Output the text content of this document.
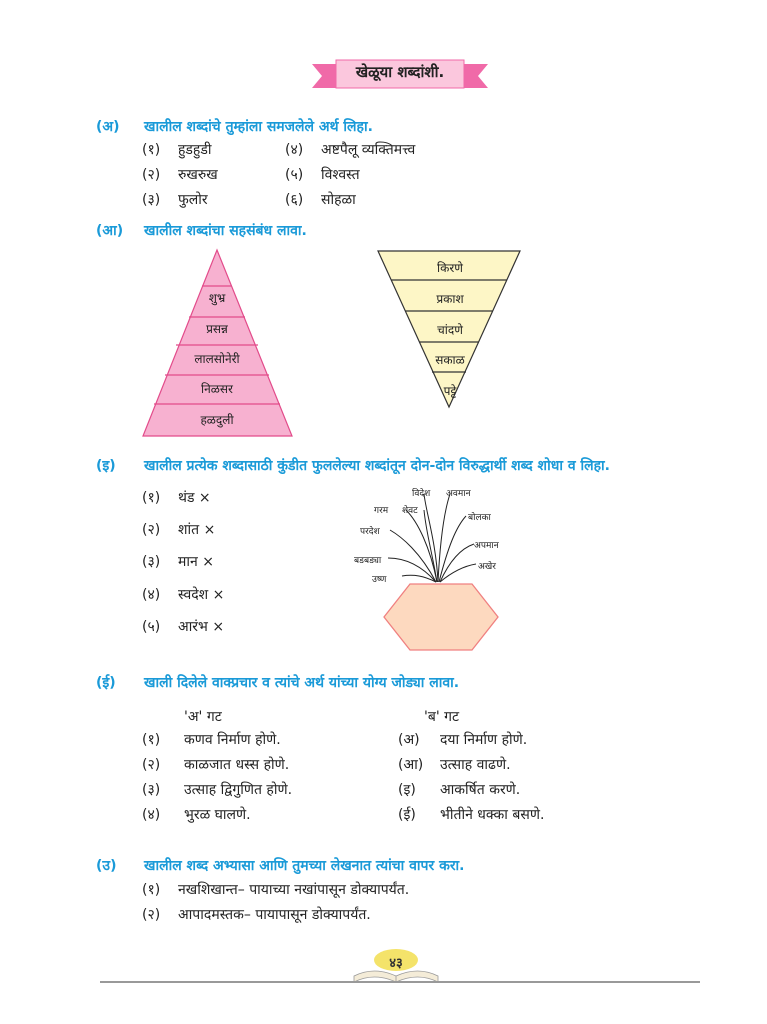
खेळूया शब्दांशी.
(अ) खालील शब्दांचे तुम्हांला समजलेले अर्थ लिहा.
(१) हुडहुडी
(२) रुखरुख
(३) फुलोर
(४) अष्टपैलू व्यक्तिमत्त्व
(५) विश्वस्त
(६) सोहळा
(आ) खालील शब्दांचा सहसंबंध लावा.
शुभ्र
प्रसन्न
लालसोनेरी
निळसर
हळदुली
किरणे
प्रकाश
चांदणे
सकाळ
पट्टे
(इ) खालील प्रत्येक शब्दासाठी कुंडीत फुललेल्या शब्दांतून दोन-दोन विरुद्धार्थी शब्द शोधा व लिहा.
(१) थंड ×
(२) शांत ×
(३) मान ×
(४) स्वदेश ×
(५) आरंभ ×
विदेश अवमान
गरम शेवट
बोलका
परदेश
अपमान
बडबड्या
अखेर
उष्ण
(ई) खाली दिलेले वाक्प्रचार व त्यांचे अर्थ यांच्या योग्य जोड्या लावा.
'अ' गट	'ब' गट
(१) कणव निर्माण होणे.
(२) काळजात धस्स होणे.
(३) उत्साह द्विगुणित होणे.
(४) भुरळ घालणे.
(अ) दया निर्माण होणे.
(आ) उत्साह वाढणे.
(इ) आकर्षित करणे.
(ई) भीतीने धक्का बसणे.
(उ) खालील शब्द अभ्यासा आणि तुमच्या लेखनात त्यांचा वापर करा.
(१) नखशिखान्त– पायाच्या नखांपासून डोक्यापर्यंत.
(२) आपादमस्तक– पायापासून डोक्यापर्यंत.
४३
